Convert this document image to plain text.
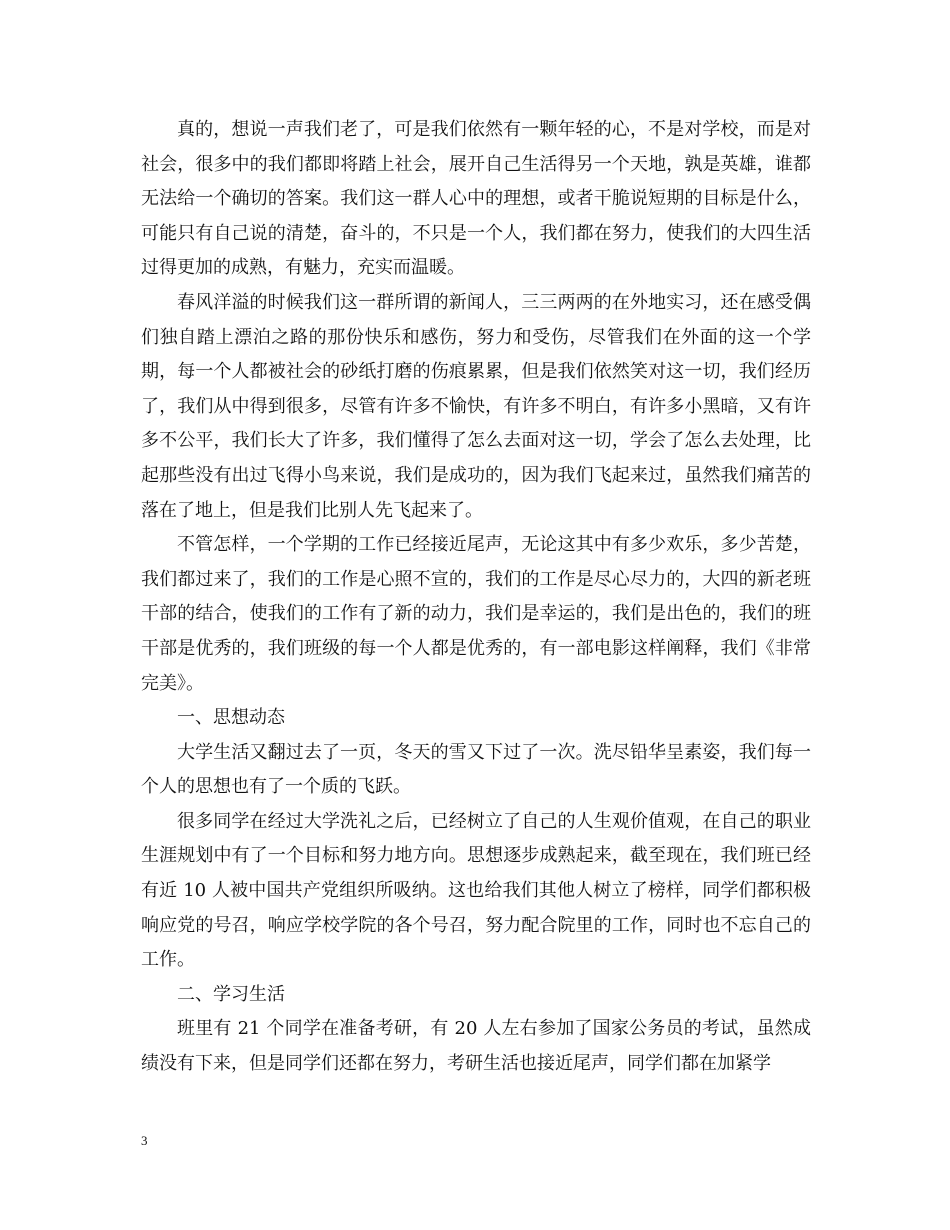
真的，想说一声我们老了，可是我们依然有一颗年轻的心，不是对学校，而是对社会，很多中的我们都即将踏上社会，展开自己生活得另一个天地，孰是英雄，谁都无法给一个确切的答案。我们这一群人心中的理想，或者干脆说短期的目标是什么，可能只有自己说的清楚，奋斗的，不只是一个人，我们都在努力，使我们的大四生活过得更加的成熟，有魅力，充实而温暖。

春风洋溢的时候我们这一群所谓的新闻人，三三两两的在外地实习，还在感受偶们独自踏上漂泊之路的那份快乐和感伤，努力和受伤，尽管我们在外面的这一个学期，每一个人都被社会的砂纸打磨的伤痕累累，但是我们依然笑对这一切，我们经历了，我们从中得到很多，尽管有许多不愉快，有许多不明白，有许多小黑暗，又有许多不公平，我们长大了许多，我们懂得了怎么去面对这一切，学会了怎么去处理，比起那些没有出过飞得小鸟来说，我们是成功的，因为我们飞起来过，虽然我们痛苦的落在了地上，但是我们比别人先飞起来了。

不管怎样，一个学期的工作已经接近尾声，无论这其中有多少欢乐，多少苦楚，我们都过来了，我们的工作是心照不宣的，我们的工作是尽心尽力的，大四的新老班干部的结合，使我们的工作有了新的动力，我们是幸运的，我们是出色的，我们的班干部是优秀的，我们班级的每一个人都是优秀的，有一部电影这样阐释，我们《非常完美》。

一、思想动态

大学生活又翻过去了一页，冬天的雪又下过了一次。洗尽铅华呈素姿，我们每一个人的思想也有了一个质的飞跃。

很多同学在经过大学洗礼之后，已经树立了自己的人生观价值观，在自己的职业生涯规划中有了一个目标和努力地方向。思想逐步成熟起来，截至现在，我们班已经有近 10 人被中国共产党组织所吸纳。这也给我们其他人树立了榜样，同学们都积极响应党的号召，响应学校学院的各个号召，努力配合院里的工作，同时也不忘自己的工作。

二、学习生活

班里有 21 个同学在准备考研，有 20 人左右参加了国家公务员的考试，虽然成绩没有下来，但是同学们还都在努力，考研生活也接近尾声，同学们都在加紧学

3
